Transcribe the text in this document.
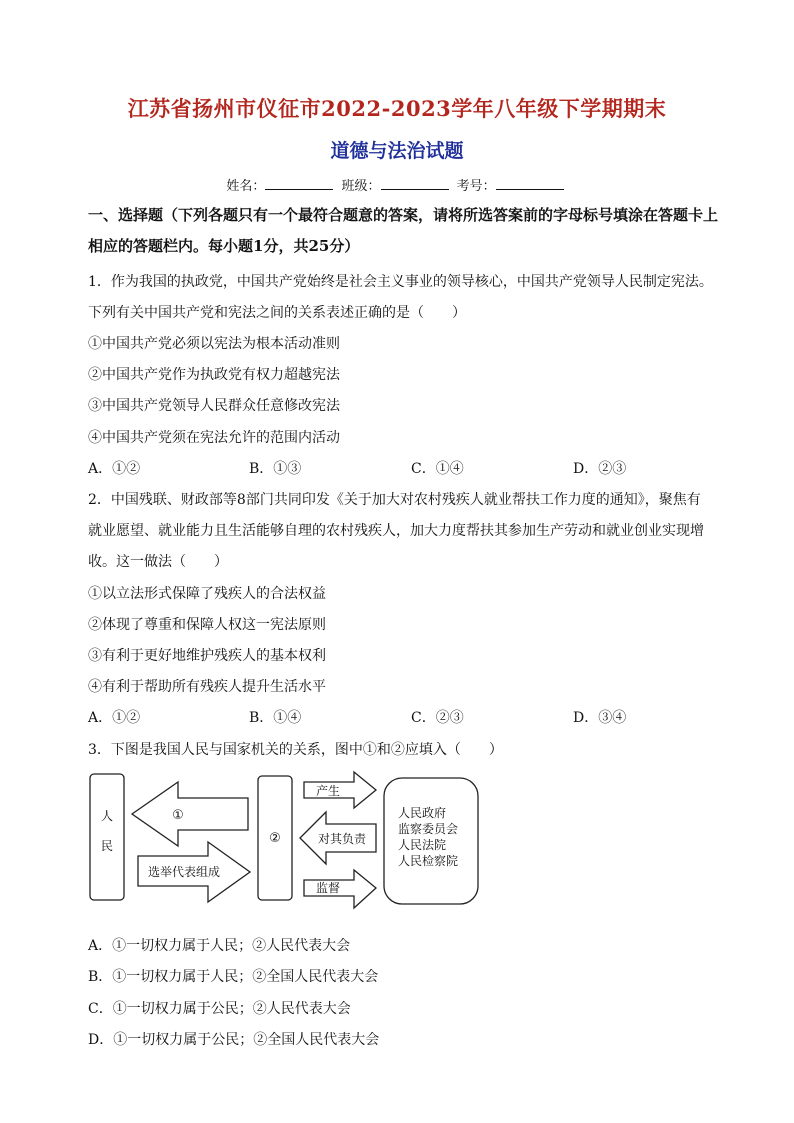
江苏省扬州市仪征市2022-2023学年八年级下学期期末
道德与法治试题
姓名：	班级：	考号：
一、选择题（下列各题只有一个最符合题意的答案，请将所选答案前的字母标号填涂在答题卡上相应的答题栏内。每小题1分，共25分）
1．作为我国的执政党，中国共产党始终是社会主义事业的领导核心，中国共产党领导人民制定宪法。
下列有关中国共产党和宪法之间的关系表述正确的是（　　）
①中国共产党必须以宪法为根本活动准则
②中国共产党作为执政党有权力超越宪法
③中国共产党领导人民群众任意修改宪法
④中国共产党须在宪法允许的范围内活动
A．①②	B．①③	C．①④	D．②③
2．中国残联、财政部等8部门共同印发《关于加大对农村残疾人就业帮扶工作力度的通知》，聚焦有
就业愿望、就业能力且生活能够自理的农村残疾人，加大力度帮扶其参加生产劳动和就业创业实现增
收。这一做法（　　）
①以立法形式保障了残疾人的合法权益
②体现了尊重和保障人权这一宪法原则
③有利于更好地维护残疾人的基本权利
④有利于帮助所有残疾人提升生活水平
A．①②	B．①④	C．②③	D．③④
3．下图是我国人民与国家机关的关系，图中①和②应填入（　　）
人
民
①
②
选举代表组成
产生
对其负责
监督
人民政府
监察委员会
人民法院
人民检察院
A．①一切权力属于人民；②人民代表大会
B．①一切权力属于人民；②全国人民代表大会
C．①一切权力属于公民；②人民代表大会
D．①一切权力属于公民；②全国人民代表大会
